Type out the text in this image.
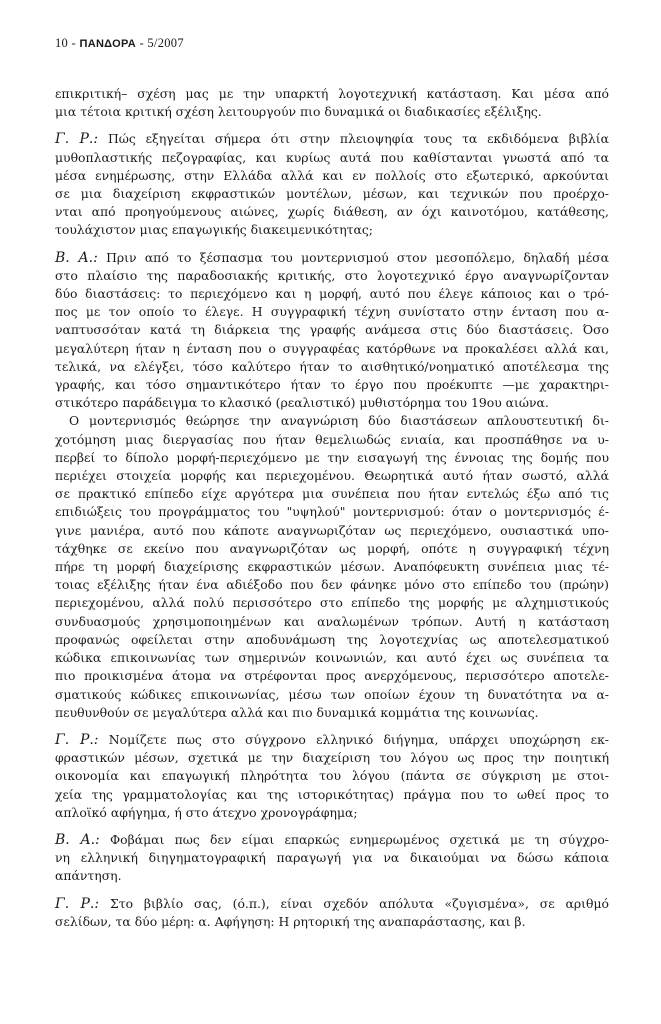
10 - ΠΑΝΔΟΡΑ - 5/2007
επικριτική– σχέση μας με την υπαρκτή λογοτεχνική κατάσταση. Και μέσα από
μια τέτοια κριτική σχέση λειτουργούν πιο δυναμικά οι διαδικασίες εξέλιξης.
Γ. Ρ.: Πώς εξηγείται σήμερα ότι στην πλειοψηφία τους τα εκδιδόμενα βιβλία
μυθοπλαστικής πεζογραφίας, και κυρίως αυτά που καθίστανται γνωστά από τα
μέσα ενημέρωσης, στην Ελλάδα αλλά και εν πολλοίς στο εξωτερικό, αρκούνται
σε μια διαχείριση εκφραστικών μοντέλων, μέσων, και τεχνικών που προέρχο-
νται από προηγούμενους αιώνες, χωρίς διάθεση, αν όχι καινοτόμου, κατάθεσης,
τουλάχιστον μιας επαγωγικής διακειμενικότητας;
Β. Α.: Πριν από το ξέσπασμα του μοντερνισμού στον μεσοπόλεμο, δηλαδή μέσα
στο πλαίσιο της παραδοσιακής κριτικής, στο λογοτεχνικό έργο αναγνωρίζονταν
δύο διαστάσεις: το περιεχόμενο και η μορφή, αυτό που έλεγε κάποιος και ο τρό-
πος με τον οποίο το έλεγε. Η συγγραφική τέχνη συνίστατο στην ένταση που α-
ναπτυσσόταν κατά τη διάρκεια της γραφής ανάμεσα στις δύο διαστάσεις. Όσο
μεγαλύτερη ήταν η ένταση που ο συγγραφέας κατόρθωνε να προκαλέσει αλλά και,
τελικά, να ελέγξει, τόσο καλύτερο ήταν το αισθητικό/νοηματικό αποτέλεσμα της
γραφής, και τόσο σημαντικότερο ήταν το έργο που προέκυπτε —με χαρακτηρι-
στικότερο παράδειγμα το κλασικό (ρεαλιστικό) μυθιστόρημα του 19ου αιώνα.
Ο μοντερνισμός θεώρησε την αναγνώριση δύο διαστάσεων απλουστευτική δι-
χοτόμηση μιας διεργασίας που ήταν θεμελιωδώς ενιαία, και προσπάθησε να υ-
περβεί το δίπολο μορφή-περιεχόμενο με την εισαγωγή της έννοιας της δομής που
περιέχει στοιχεία μορφής και περιεχομένου. Θεωρητικά αυτό ήταν σωστό, αλλά
σε πρακτικό επίπεδο είχε αργότερα μια συνέπεια που ήταν εντελώς έξω από τις
επιδιώξεις του προγράμματος του "υψηλού" μοντερνισμού: όταν ο μοντερνισμός έ-
γινε μανιέρα, αυτό που κάποτε αναγνωριζόταν ως περιεχόμενο, ουσιαστικά υπο-
τάχθηκε σε εκείνο που αναγνωριζόταν ως μορφή, οπότε η συγγραφική τέχνη
πήρε τη μορφή διαχείρισης εκφραστικών μέσων. Αναπόφευκτη συνέπεια μιας τέ-
τοιας εξέλιξης ήταν ένα αδιέξοδο που δεν φάνηκε μόνο στο επίπεδο του (πρώην)
περιεχομένου, αλλά πολύ περισσότερο στο επίπεδο της μορφής με αλχημιστικούς
συνδυασμούς χρησιμοποιημένων και αναλωμένων τρόπων. Αυτή η κατάσταση
προφανώς οφείλεται στην αποδυνάμωση της λογοτεχνίας ως αποτελεσματικού
κώδικα επικοινωνίας των σημερινών κοινωνιών, και αυτό έχει ως συνέπεια τα
πιο προικισμένα άτομα να στρέφονται προς ανερχόμενους, περισσότερο αποτελε-
σματικούς κώδικες επικοινωνίας, μέσω των οποίων έχουν τη δυνατότητα να α-
πευθυνθούν σε μεγαλύτερα αλλά και πιο δυναμικά κομμάτια της κοινωνίας.
Γ. Ρ.: Νομίζετε πως στο σύγχρονο ελληνικό διήγημα, υπάρχει υποχώρηση εκ-
φραστικών μέσων, σχετικά με την διαχείριση του λόγου ως προς την ποιητική
οικονομία και επαγωγική πληρότητα του λόγου (πάντα σε σύγκριση με στοι-
χεία της γραμματολογίας και της ιστορικότητας) πράγμα που το ωθεί προς το
απλοϊκό αφήγημα, ή στο άτεχνο χρονογράφημα;
Β. Α.: Φοβάμαι πως δεν είμαι επαρκώς ενημερωμένος σχετικά με τη σύγχρο-
νη ελληνική διηγηματογραφική παραγωγή για να δικαιούμαι να δώσω κάποια
απάντηση.
Γ. Ρ.: Στο βιβλίο σας, (ό.π.), είναι σχεδόν απόλυτα «ζυγισμένα», σε αριθμό
σελίδων, τα δύο μέρη: α. Αφήγηση: Η ρητορική της αναπαράστασης, και β.
